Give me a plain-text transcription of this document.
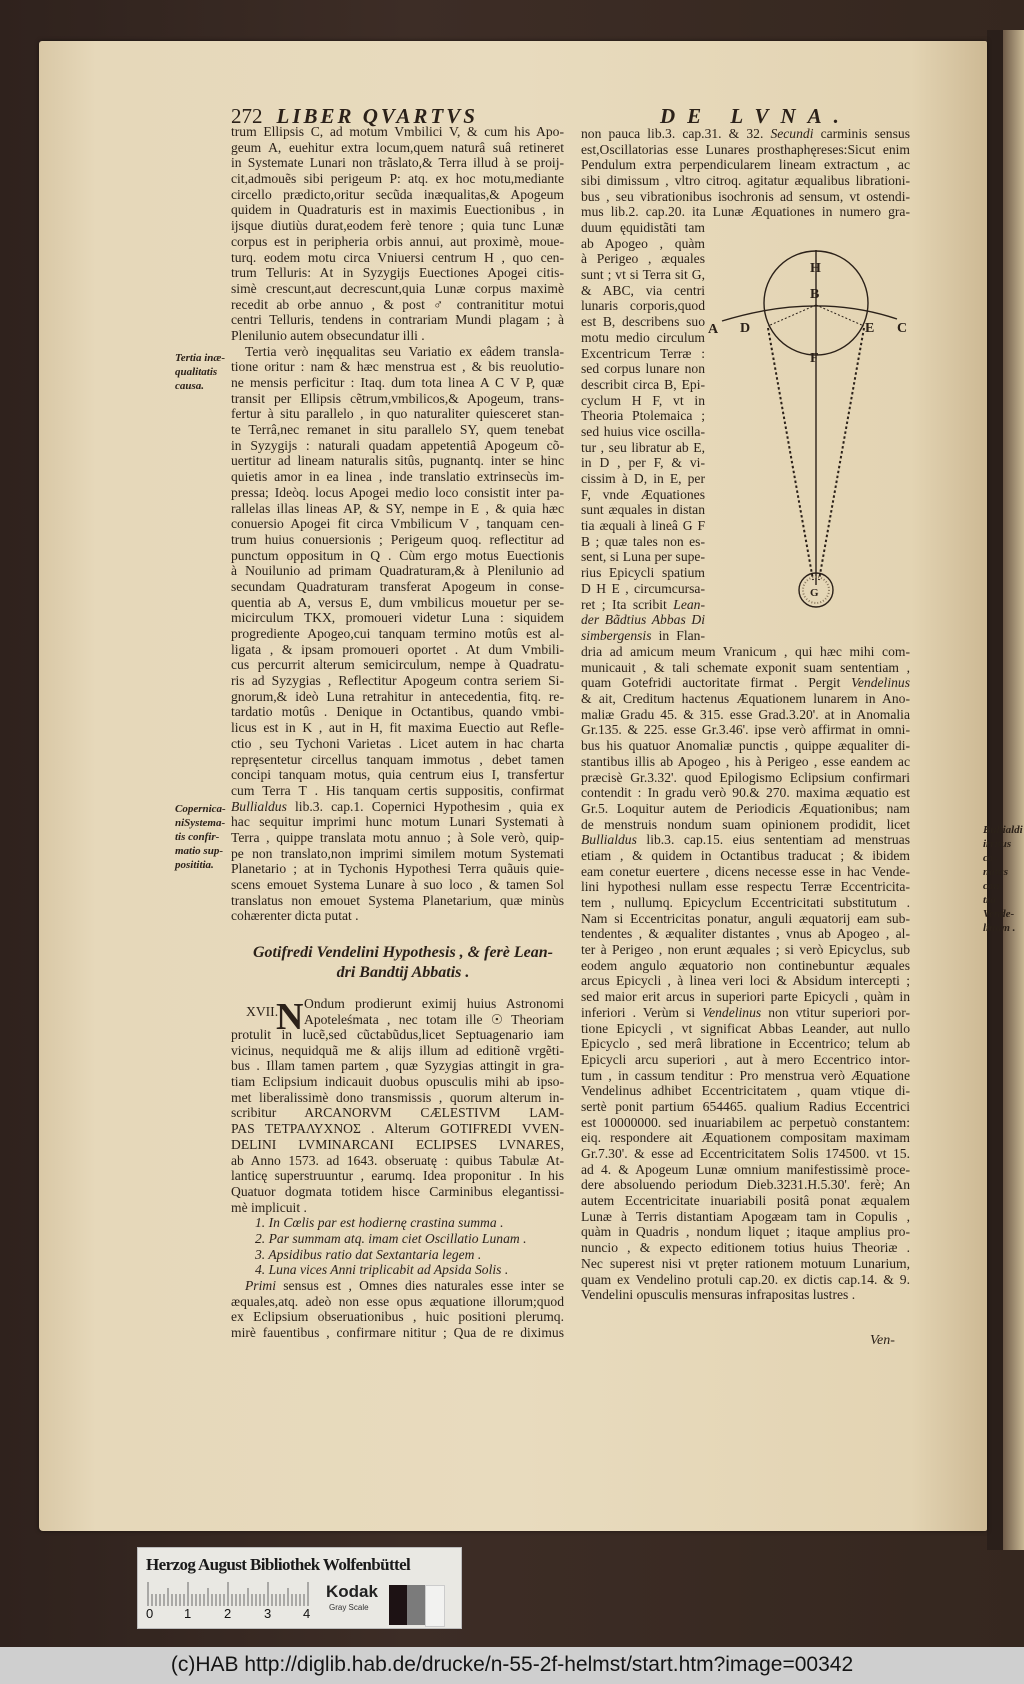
272 LIBER QVARTVS	DE LVNA.
trum Ellipsis C, ad motum Vmbilici V, & cum his Apo-
geum A, euehitur extra locum,quem naturâ suâ retineret
in Systemate Lunari non trãslato,& Terra illud à se proij-
cit,admouẽs sibi perigeum P: atq. ex hoc motu,mediante
circello prædicto,oritur secũda inæqualitas,& Apogeum
quidem in Quadraturis est in maximis Euectionibus , in
ijsque diutiùs durat,eodem ferè tenore ; quia tunc Lunæ
corpus est in peripheria orbis annui, aut proximè, moue-
turq. eodem motu circa Vniuersi centrum H , quo cen-
trum Telluris: At in Syzygijs Euectiones Apogei citis-
simè crescunt,aut decrescunt,quia Lunæ corpus maximè
recedit ab orbe annuo , & post ♂ contranititur motui
centri Telluris, tendens in contrariam Mundi plagam ; à
Plenilunio autem obsecundatur illi .
Tertia verò inęqualitas seu Variatio ex eâdem transla-
tione oritur : nam & hæc menstrua est , & bis reuolutio-
ne mensis perficitur : Itaq. dum tota linea A C V P, quæ
transit per Ellipsis cẽtrum,vmbilicos,& Apogeum, trans-
fertur à situ parallelo , in quo naturaliter quiesceret stan-
te Terrâ,nec remanet in situ parallelo SY, quem tenebat
in Syzygijs : naturali quadam appetentiâ Apogeum cõ-
uertitur ad lineam naturalis sitûs, pugnantq. inter se hinc
quietis amor in ea linea , inde translatio extrinsecùs im-
pressa; Ideòq. locus Apogei medio loco consistit inter pa-
rallelas illas lineas AP, & SY, nempe in E , & quia hæc
conuersio Apogei fit circa Vmbilicum V , tanquam cen-
trum huius conuersionis ; Perigeum quoq. reflectitur ad
punctum oppositum in Q . Cùm ergo motus Euectionis
à Nouilunio ad primam Quadraturam,& à Plenilunio ad
secundam Quadraturam transferat Apogeum in conse-
quentia ab A, versus E, dum vmbilicus mouetur per se-
micirculum TKX, promoueri videtur Luna : siquidem
progrediente Apogeo,cui tanquam termino motûs est al-
ligata , & ipsam promoueri oportet . At dum Vmbili-
cus percurrit alterum semicirculum, nempe à Quadratu-
ris ad Syzygias , Reflectitur Apogeum contra seriem Si-
gnorum,& ideò Luna retrahitur in antecedentia, fitq. re-
tardatio motûs . Denique in Octantibus, quando vmbi-
licus est in K , aut in H, fit maxima Euectio aut Refle-
ctio , seu Tychoni Varietas . Licet autem in hac charta
repręsentetur circellus tanquam immotus , debet tamen
concipi tanquam motus, quia centrum eius I, transfertur
cum Terra T . His tanquam certis suppositis, confirmat
Bullialdus lib.3. cap.1. Copernici Hypothesim , quia ex
hac sequitur imprimi hunc motum Lunari Systemati à
Terra , quippe translata motu annuo ; à Sole verò, quip-
pe non translato,non imprimi similem motum Systemati
Planetario ; at in Tychonis Hypothesi Terra quãuis quie-
scens emouet Systema Lunare à suo loco , & tamen Sol
translatus non emouet Systema Planetarium, quæ minùs
cohærenter dicta putat .
Tertia inæ-
qualitatis
causa.
Copernica-
niSystema-
tis confir-
matio sup-
posititia.
Gotifredi Vendelini Hypothesis , & ferè Lean-
dri Bandtij Abbatis .
XVII.
N Ondum prodierunt eximij huius Astronomi
Apoteleśmata , nec totam ille ☉ Theoriam
protulit in lucẽ,sed cũctabũdus,licet Septuagenario iam
vicinus, nequidquã me & alijs illum ad editionẽ vrgẽti-
bus . Illam tamen partem , quæ Syzygias attingit in gra-
tiam Eclipsium indicauit duobus opusculis mihi ab ipso-
met liberalissimè dono transmissis , quorum alterum in-
scribitur ARCANORVM CÆLESTIVM LAM-
PAS ΤΕΤΡΑΛΥΧΝΟΣ . Alterum GOTIFREDI VVEN-
DELINI LVMINARCANI ECLIPSES LVNARES,
ab Anno 1573. ad 1643. obseruatę : quibus Tabulæ At-
lanticę superstruuntur , earumq. Idea proponitur . In his
Quatuor dogmata totidem hisce Carminibus elegantissi-
mè implicuit .
1. In Cœlis par est hodiernę crastina summa .
2. Par summam atq. imam ciet Oscillatio Lunam .
3. Apsidibus ratio dat Sextantaria legem .
4. Luna vices Anni triplicabit ad Apsida Solis .
Primi sensus est , Omnes dies naturales esse inter se
æquales,atq. adeò non esse opus æquatione illorum;quod
ex Eclipsium obseruationibus , huic positioni plerumq.
mirè fauentibus , confirmare nititur ; Qua de re diximus
non pauca lib.3. cap.31. & 32. Secundi carminis sensus
est,Oscillatorias esse Lunares prosthaphęreses:Sicut enim
Pendulum extra perpendicularem lineam extractum , ac
sibi dimissum , vltro citroq. agitatur æqualibus librationi-
bus , seu vibrationibus isochronis ad sensum, vt ostendi-
mus lib.2. cap.20. ita Lunæ Æquationes in numero gra-
duum ęquidistãti tam
ab Apogeo , quàm
à Perigeo , æquales
sunt ; vt si Terra sit G,
& ABC, via centri
lunaris corporis,quod
est B, describens suo
motu medio circulum
Excentricum Terræ :
sed corpus lunare non
describit circa B, Epi-
cyclum H F, vt in
Theoria Ptolemaica ;
sed huius vice oscilla-
tur , seu libratur ab E,
in D , per F, & vi-
cissim à D, in E, per
F, vnde Æquationes
sunt æquales in distan
tia æquali à lineâ G F
B ; quæ tales non es-
sent, si Luna per supe-
rius Epicycli spatium
D H E , circumcursa-
ret ; Ita scribit Lean-
der Bãdtius Abbas Di
simbergensis in Flan-
dria ad amicum meum Vranicum , qui hæc mihi com-
municauit , & tali schemate exponit suam sententiam ,
quam Gotefridi auctoritate firmat . Pergit Vendelinus
& ait, Creditum hactenus Æquationem lunarem in Ano-
maliæ Gradu 45. & 315. esse Grad.3.20'. at in Anomalia
Gr.135. & 225. esse Gr.3.46'. ipse verò affirmat in omni-
bus his quatuor Anomaliæ punctis , quippe æqualiter di-
stantibus illis ab Apogeo , his à Perigeo , esse eandem ac
præcisè Gr.3.32'. quod Epilogismo Eclipsium confirmari
contendit : In gradu verò 90.& 270. maxima æquatio est
Gr.5. Loquitur autem de Periodicis Æquationibus; nam
de menstruis nondum suam opinionem prodidit, licet
Bullialdus lib.3. cap.15. eius sententiam ad menstruas
etiam , & quidem in Octantibus traducat ; & ibidem
eam conetur euertere , dicens necesse esse in hac Vende-
lini hypothesi nullam esse respectu Terræ Eccentricita-
tem , nullumq. Epicyclum Eccentricitati substitutum .
Nam si Eccentricitas ponatur, anguli æquatorij eam sub-
tendentes , & æqualiter distantes , vnus ab Apogeo , al-
ter à Perigeo , non erunt æquales ; si verò Epicyclus, sub
eodem angulo æquatorio non continebuntur æquales
arcus Epicycli , à linea veri loci & Absidum intercepti ;
sed maior erit arcus in superiori parte Epicycli , quàm in
inferiori . Verùm si Vendelinus non vtitur superiori por-
tione Epicycli , vt significat Abbas Leander, aut nullo
Epicyclo , sed merâ libratione in Eccentrico; telum ab
Epicycli arcu superiori , aut à mero Eccentrico intor-
tum , in cassum tenditur : Pro menstrua verò Æquatione
Vendelinus adhibet Eccentricitatem , quam vtique di-
sertè ponit partium 654465. qualium Radius Eccentrici
est 10000000. sed inuariabilem ac perpetuò constantem:
eiq. respondere ait Æquationem compositam maximam
Gr.7.30'. & esse ad Eccentricitatem Solis 174500. vt 15.
ad 4. & Apogeum Lunæ omnium manifestissimè proce-
dere absoluendo periodum Dieb.3231.H.5.30'. ferè; An
autem Eccentricitate inuariabili positâ ponat æqualem
Lunæ à Terris distantiam Apogæam tam in Copulis ,
quàm in Quadris , nondum liquet ; itaque amplius pro-
nuncio , & expecto editionem totius huius Theoriæ .
Nec superest nisi vt pręter rationem motuum Lunarium,
quam ex Vendelino protuli cap.20. ex dictis cap.14. & 9.
Vendelini opusculis mensuras infrapositas lustres .
Bullialdi
irritus co-
natus con-
tra Vende-
linum .
Ven-
H
B
F
A D	E C
G
Herzog August Bibliothek Wolfenbüttel
0 1	2	3 4
Kodak
Gray Scale
(c)HAB http://diglib.hab.de/drucke/n-55-2f-helmst/start.htm?image=00342
